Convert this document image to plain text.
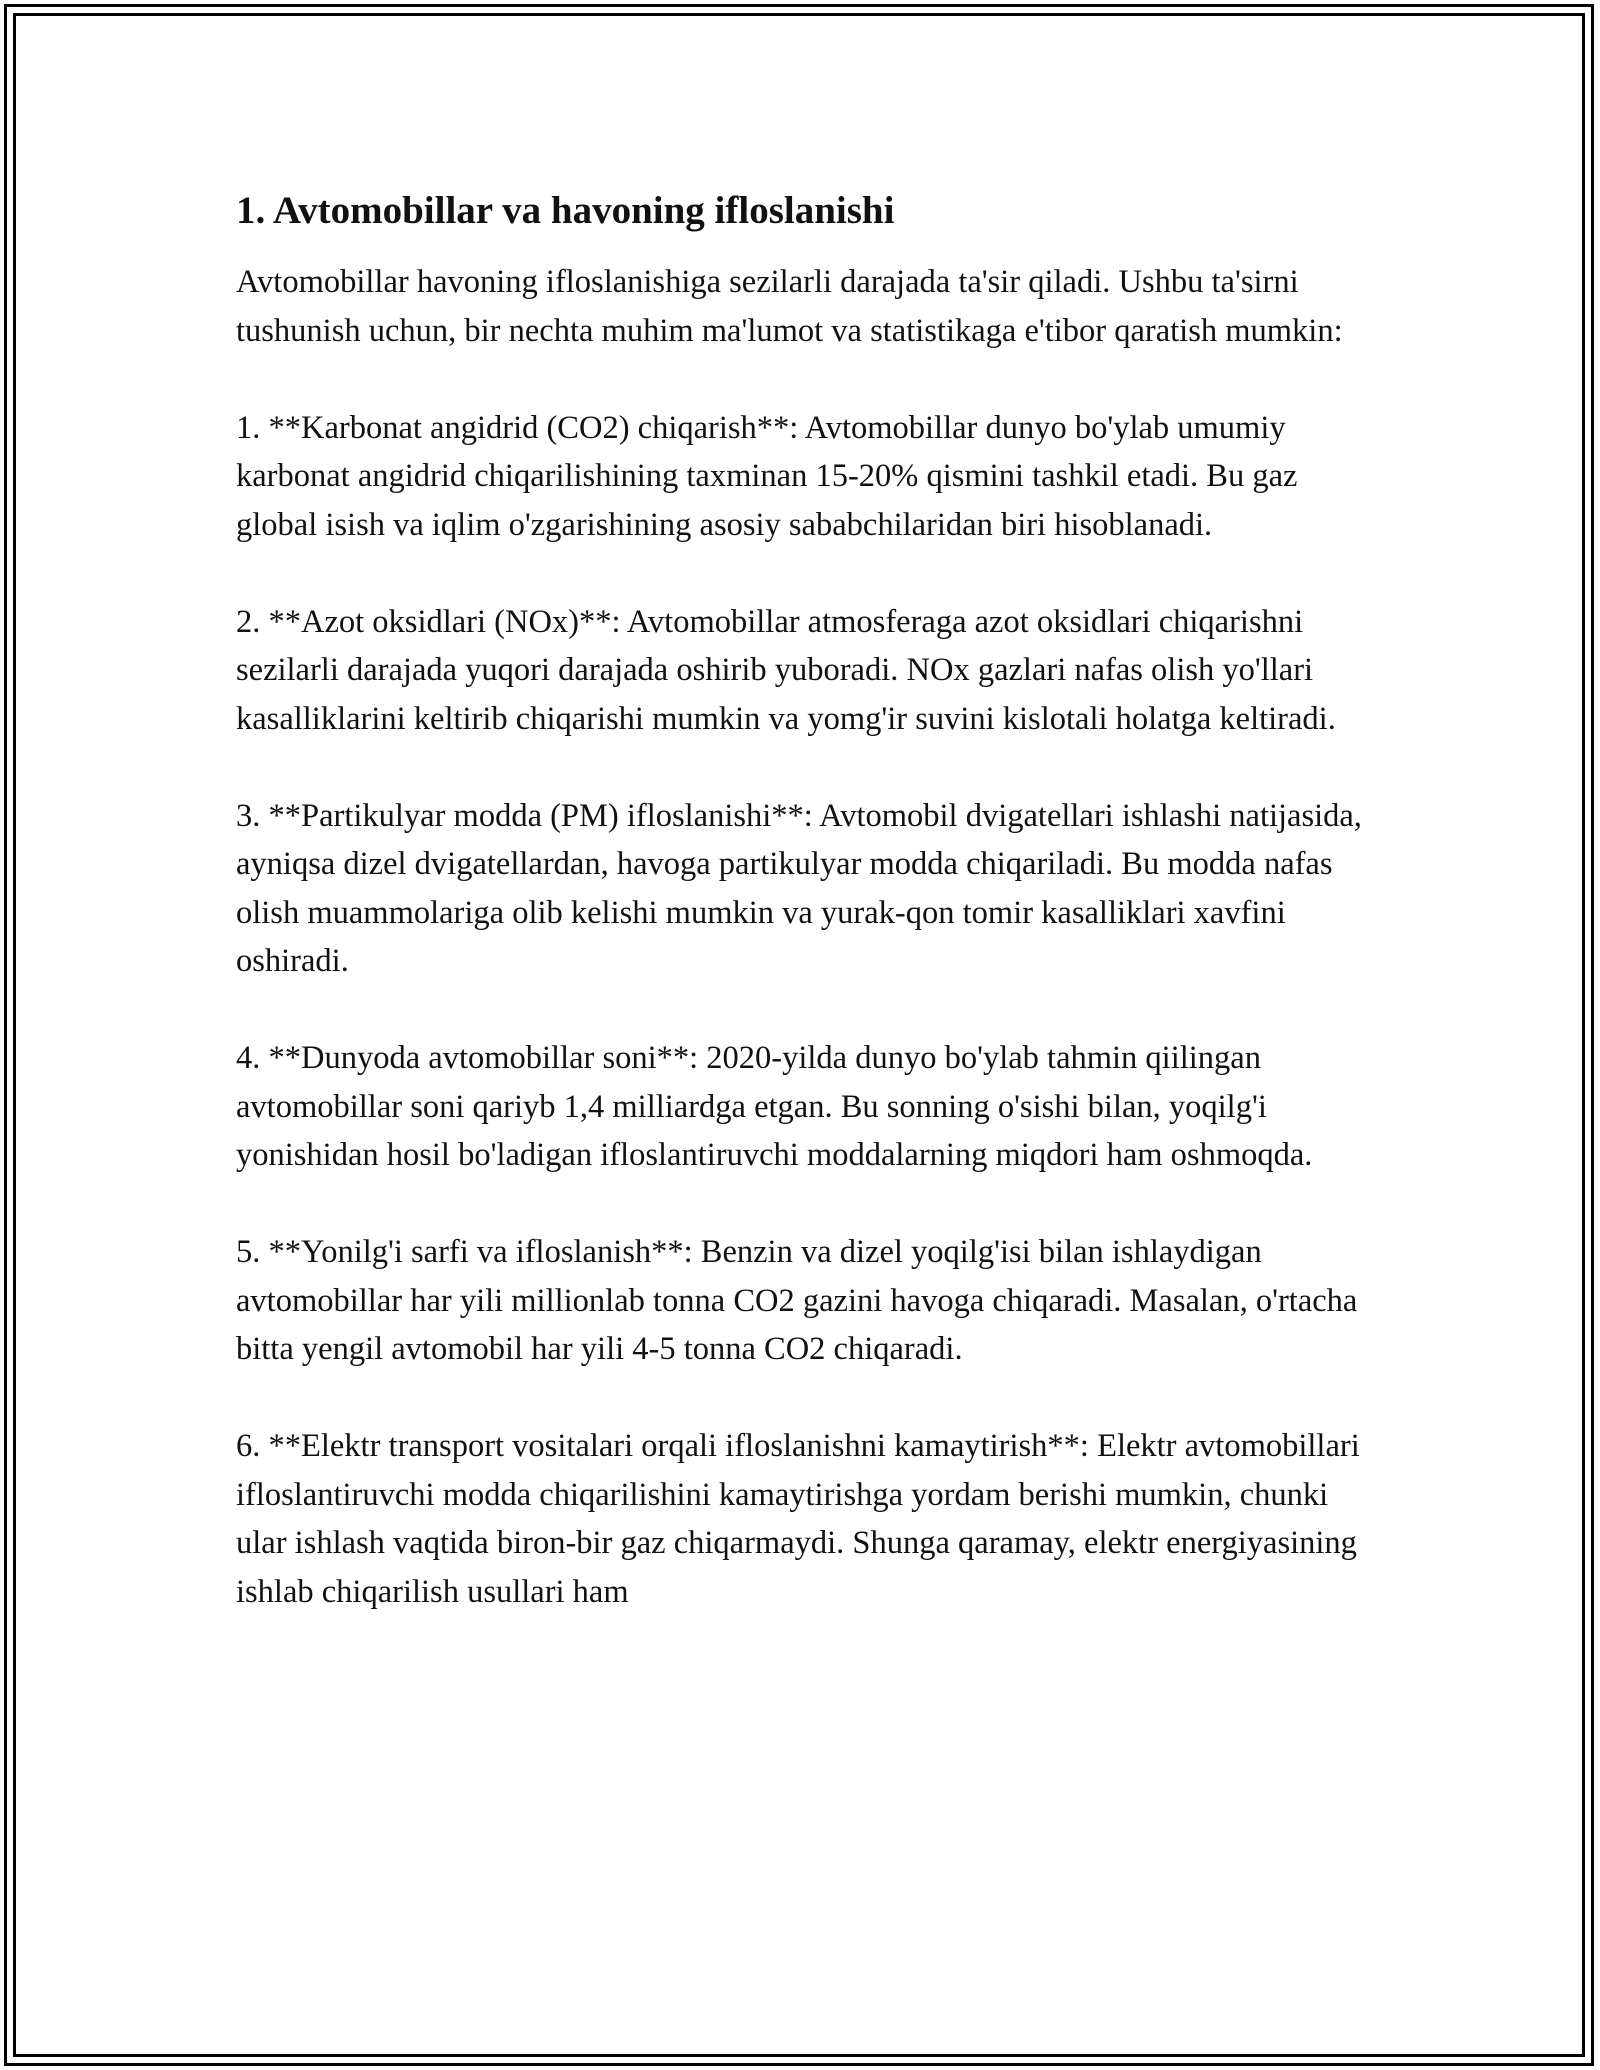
1. Avtomobillar va havoning ifloslanishi

Avtomobillar havoning ifloslanishiga sezilarli darajada ta'sir qiladi. Ushbu ta'sirni tushunish uchun, bir nechta muhim ma'lumot va statistikaga e'tibor qaratish mumkin:

1. **Karbonat angidrid (CO2) chiqarish**: Avtomobillar dunyo bo'ylab umumiy karbonat angidrid chiqarilishining taxminan 15-20% qismini tashkil etadi. Bu gaz global isish va iqlim o'zgarishining asosiy sababchilaridan biri hisoblanadi.

2. **Azot oksidlari (NOx)**: Avtomobillar atmosferaga azot oksidlari chiqarishni sezilarli darajada yuqori darajada oshirib yuboradi. NOx gazlari nafas olish yo'llari kasalliklarini keltirib chiqarishi mumkin va yomg'ir suvini kislotali holatga keltiradi.

3. **Partikulyar modda (PM) ifloslanishi**: Avtomobil dvigatellari ishlashi natijasida, ayniqsa dizel dvigatellardan, havoga partikulyar modda chiqariladi. Bu modda nafas olish muammolariga olib kelishi mumkin va yurak-qon tomir kasalliklari xavfini oshiradi.

4. **Dunyoda avtomobillar soni**: 2020-yilda dunyo bo'ylab tahmin qiilingan avtomobillar soni qariyb 1,4 milliardga etgan. Bu sonning o'sishi bilan, yoqilg'i yonishidan hosil bo'ladigan ifloslantiruvchi moddalarning miqdori ham oshmoqda.

5. **Yonilg'i sarfi va ifloslanish**: Benzin va dizel yoqilg'isi bilan ishlaydigan avtomobillar har yili millionlab tonna CO2 gazini havoga chiqaradi. Masalan, o'rtacha bitta yengil avtomobil har yili 4-5 tonna CO2 chiqaradi.

6. **Elektr transport vositalari orqali ifloslanishni kamaytirish**: Elektr avtomobillari ifloslantiruvchi modda chiqarilishini kamaytirishga yordam berishi mumkin, chunki ular ishlash vaqtida biron-bir gaz chiqarmaydi. Shunga qaramay, elektr energiyasining ishlab chiqarilish usullari ham
